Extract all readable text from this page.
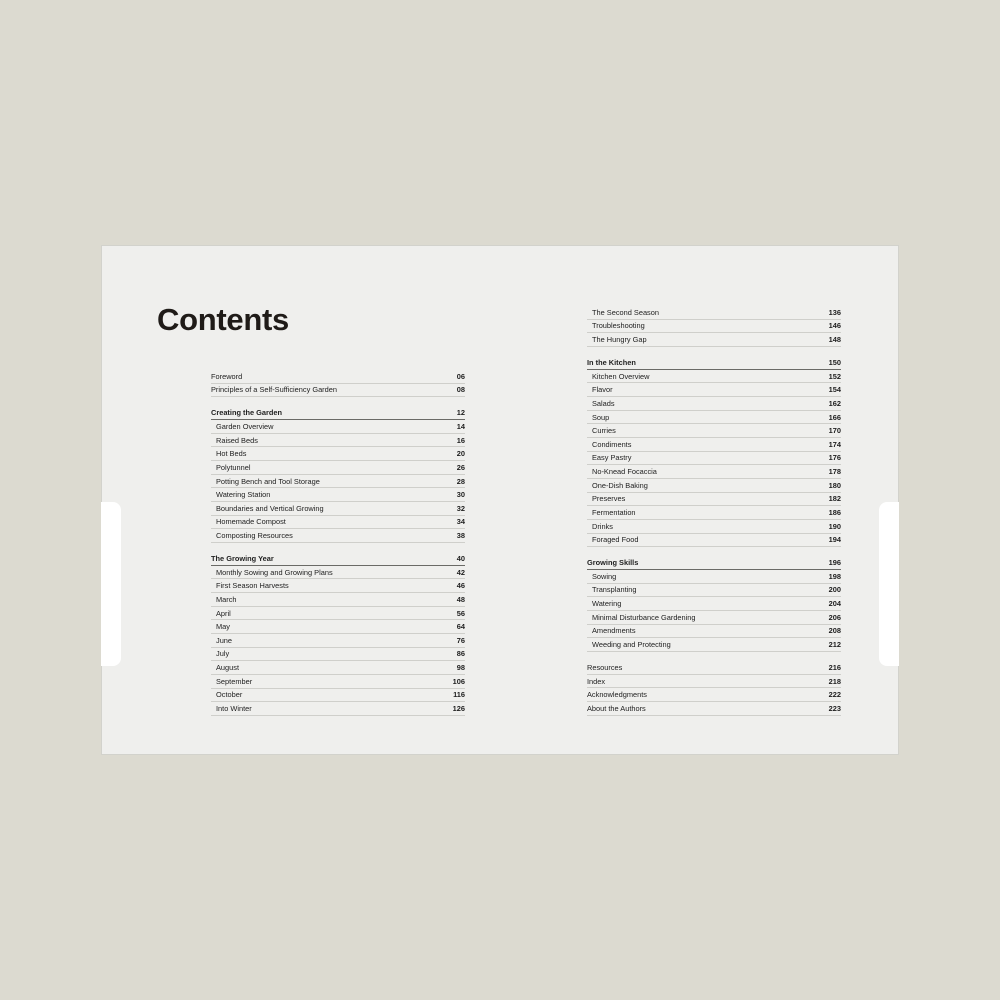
Contents
Foreword	06
Principles of a Self-Sufficiency Garden	08
Creating the Garden	12
Garden Overview	14
Raised Beds	16
Hot Beds	20
Polytunnel	26
Potting Bench and Tool Storage	28
Watering Station	30
Boundaries and Vertical Growing	32
Homemade Compost	34
Composting Resources	38
The Growing Year	40
Monthly Sowing and Growing Plans	42
First Season Harvests	46
March	48
April	56
May	64
June	76
July	86
August	98
September	106
October	116
Into Winter	126
The Second Season	136
Troubleshooting	146
The Hungry Gap	148
In the Kitchen	150
Kitchen Overview	152
Flavor	154
Salads	162
Soup	166
Curries	170
Condiments	174
Easy Pastry	176
No-Knead Focaccia	178
One-Dish Baking	180
Preserves	182
Fermentation	186
Drinks	190
Foraged Food	194
Growing Skills	196
Sowing	198
Transplanting	200
Watering	204
Minimal Disturbance Gardening	206
Amendments	208
Weeding and Protecting	212
Resources	216
Index	218
Acknowledgments	222
About the Authors	223
